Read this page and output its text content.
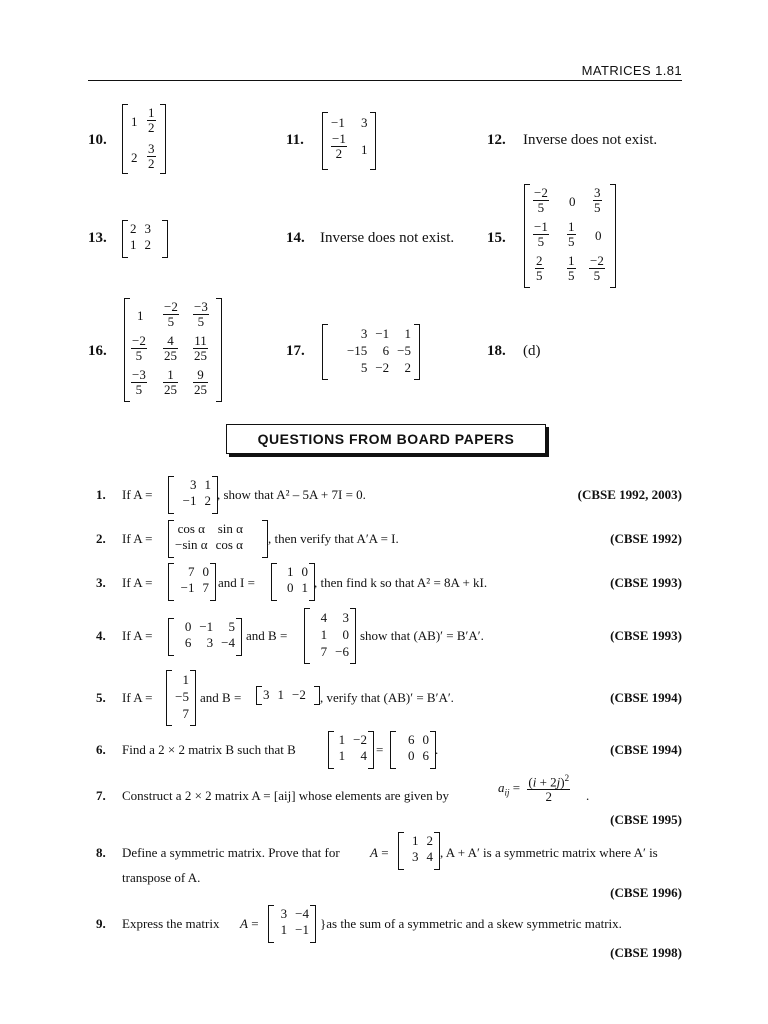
MATRICES 1.81
10.
$1 \frac{1}{2}$
$2 \frac{3}{2}$
11.
−1 3
$\frac{-1}{2} 1$
12. Inverse does not exist.
13.
2	3
1	2	14. Inverse does not exist. 15.
$\frac{-2}{5} 0 \frac{3}{5}$
$\frac{-1}{5} \frac{1}{5} 0$
$\frac{2}{5} \frac{1}{5} \frac{-2}{5}$
16.
$1 \frac{-2}{5} \frac{-3}{5}$
$\frac{-2}{5} \frac{4}{25} \frac{11}{25}$
$\frac{-3}{5} \frac{1}{25} \frac{9}{25}$
17.
3	−1	1
−15	6	−5
5	−2	2
18. (d)
QUESTIONS FROM BOARD PAPERS
1. If A =
3	1
−1	2 , show that A² – 5A + 7I = 0.	(CBSE 1992, 2003)
2. If A =
cos α	sin α
−sin α	cos α , then verify that A′A = I.	(CBSE 1992)
3. If A =
7	0
−1	7 and I =
1	0
0	1 , then find k so that A² = 8A + kI.	(CBSE 1993)
4. If A =
0	−1	5
6	3	−4 and B =
4	3
1	0
7	−6
show that (AB)′ = B′A′.	(CBSE 1993)
5. If A =
1
−5
7
and B = 3	1	−2 , verify that (AB)′ = B′A′.	(CBSE 1994)
6. Find a 2 × 2 matrix B such that B
1	−2
1	4 =
6	0
0	6 .	(CBSE 1994)
7. Construct a 2 × 2 matrix A = [aij] whose elements are given by
$a_{ij} = \frac{(i + 2j)^2}{2}$ .
(CBSE 1995)
8. Define a symmetric matrix. Prove that for A =
1	2
3	4 , A + A′ is a symmetric matrix where A′ is
transpose of A.
(CBSE 1996)
9. Express the matrix A =
3	−4
1	−1 }as the sum of a symmetric and a skew symmetric matrix.
(CBSE 1998)
